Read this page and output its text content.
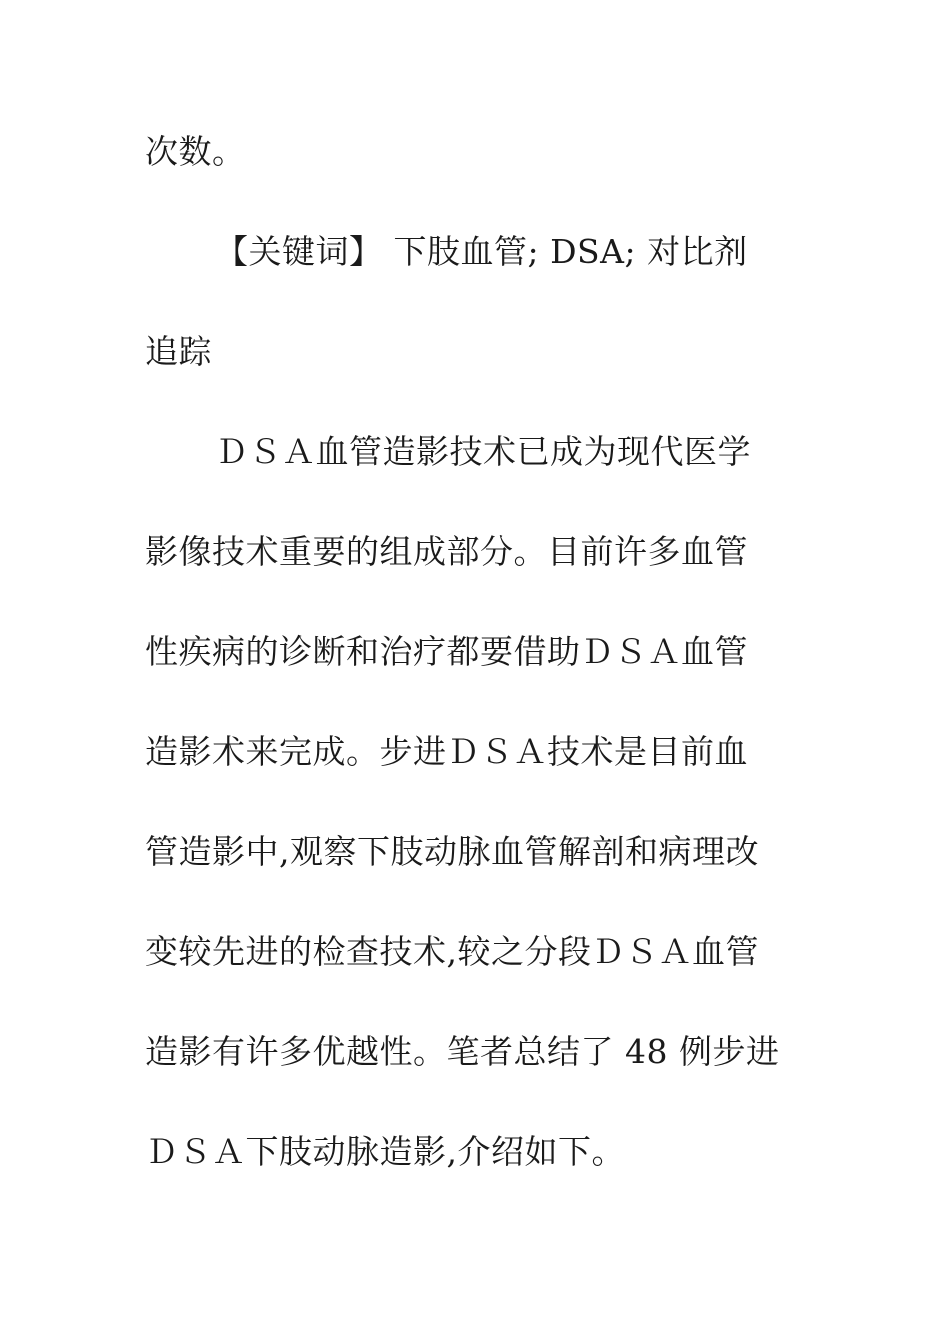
次数。
【关键词】 下肢血管; DSA; 对比剂
追踪
ＤＳＡ血管造影技术已成为现代医学
影像技术重要的组成部分。目前许多血管
性疾病的诊断和治疗都要借助ＤＳＡ血管
造影术来完成。步进ＤＳＡ技术是目前血
管造影中,观察下肢动脉血管解剖和病理改
变较先进的检查技术,较之分段ＤＳＡ血管
造影有许多优越性。笔者总结了 48 例步进
ＤＳＡ下肢动脉造影,介绍如下。
